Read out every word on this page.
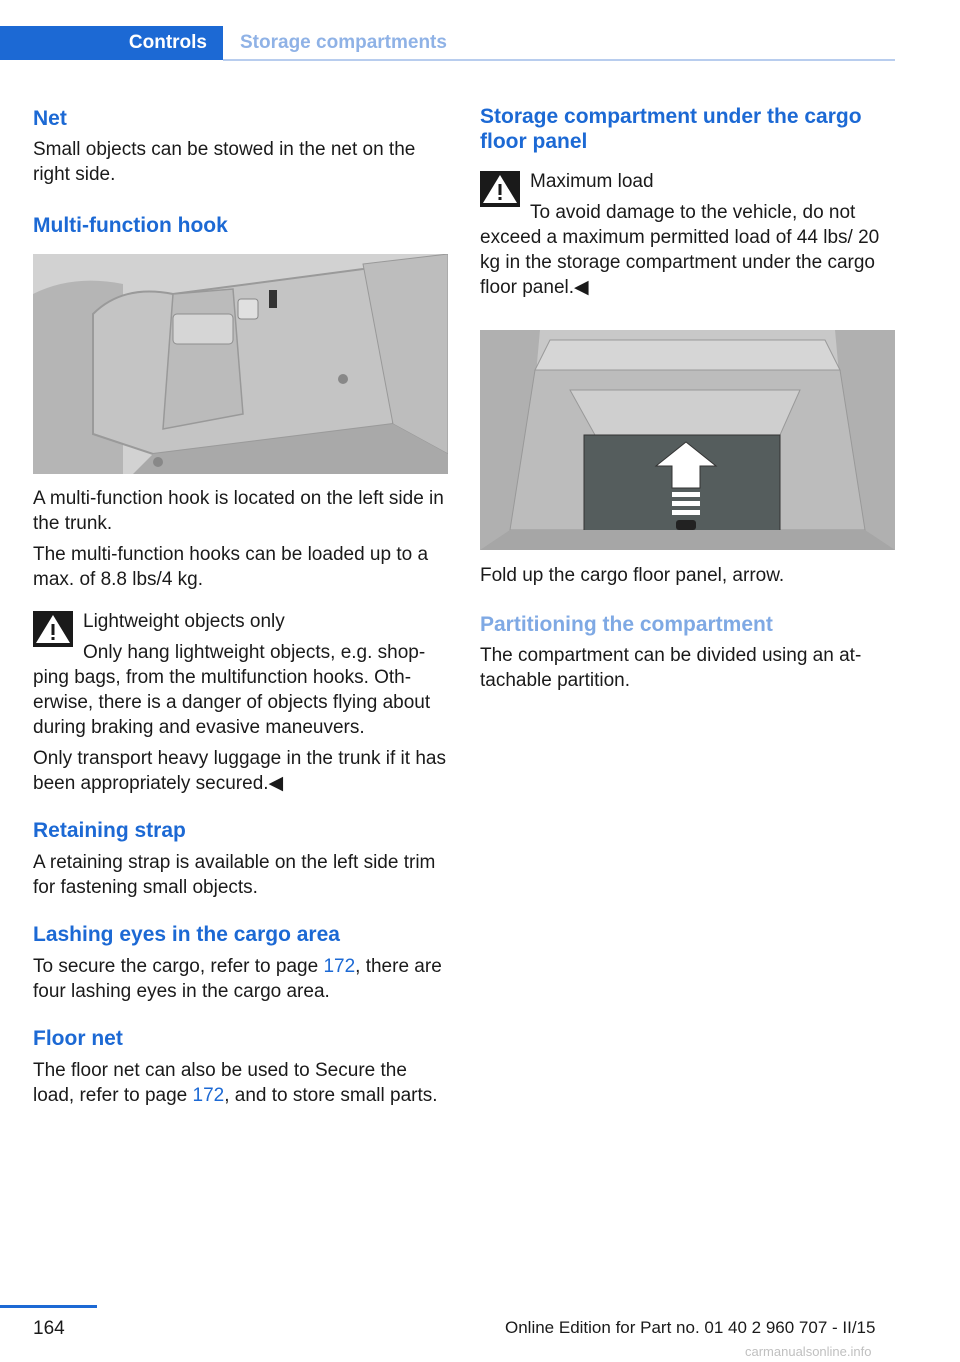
Controls	Storage compartments
Net

Small objects can be stowed in the net on the right side.

Multi-function hook

A multi-function hook is located on the left side in the trunk.

The multi-function hooks can be loaded up to a max. of 8.8 lbs/4 kg.

Lightweight objects only

Only hang lightweight objects, e.g. shop-ping bags, from the multifunction hooks. Oth-erwise, there is a danger of objects flying about during braking and evasive maneuvers.

Only transport heavy luggage in the trunk if it has been appropriately secured.◀

Retaining strap

A retaining strap is available on the left side trim for fastening small objects.

Lashing eyes in the cargo area

To secure the cargo, refer to page 172, there are four lashing eyes in the cargo area.

Floor net

The floor net can also be used to Secure the load, refer to page 172, and to store small parts.

Storage compartment under the cargo floor panel

Maximum load

To avoid damage to the vehicle, do not exceed a maximum permitted load of 44 lbs/ 20 kg in the storage compartment under the cargo floor panel.◀

Fold up the cargo floor panel, arrow.

Partitioning the compartment

The compartment can be divided using an at-tachable partition.

164	Online Edition for Part no. 01 40 2 960 707 - II/15
carmanualsonline.info
